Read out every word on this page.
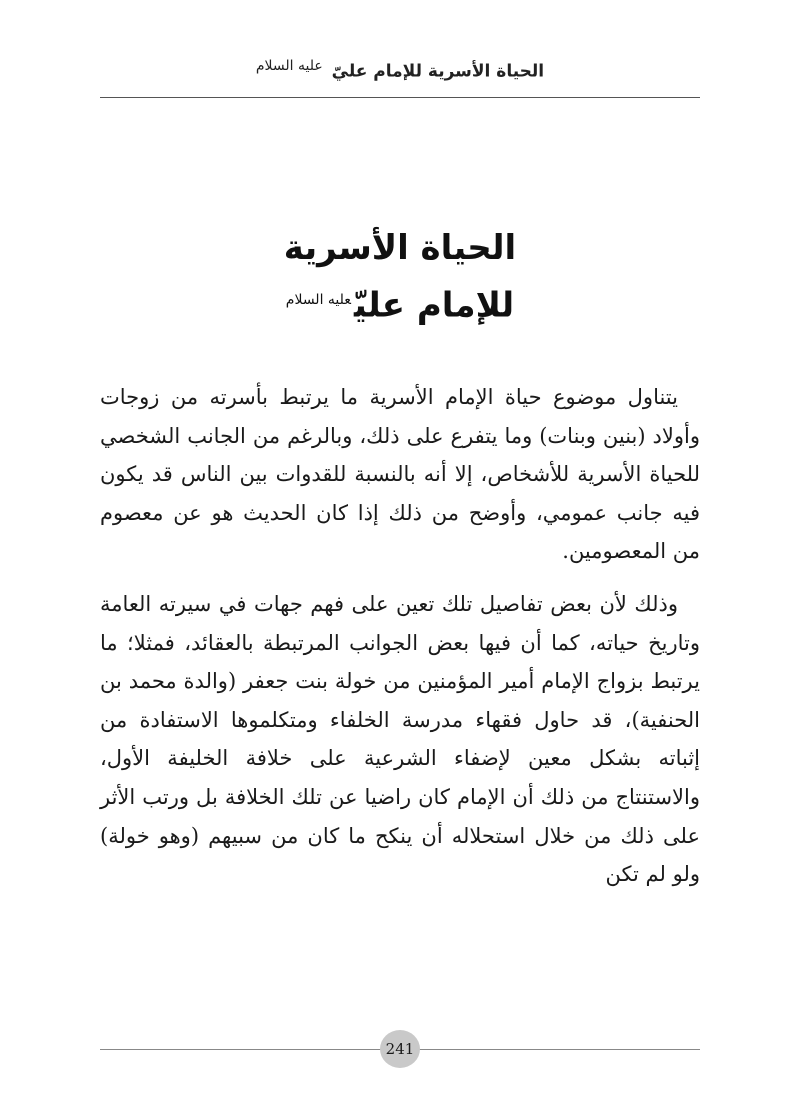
الحياة الأسرية للإمام عليّ $^{عليه السلام}$
الحياة الأسرية
للإمام عليّ$^{عليه السلام}$

يتناول موضوع حياة الإمام الأسرية ما يرتبط بأسرته من زوجات وأولاد (بنين وبنات) وما يتفرع على ذلك، وبالرغم من الجانب الشخصي للحياة الأسرية للأشخاص، إلا أنه بالنسبة للقدوات بين الناس قد يكون فيه جانب عمومي، وأوضح من ذلك إذا كان الحديث هو عن معصوم من المعصومين.

وذلك لأن بعض تفاصيل تلك تعين على فهم جهات في سيرته العامة وتاريخ حياته، كما أن فيها بعض الجوانب المرتبطة بالعقائد، فمثلا؛ ما يرتبط بزواج الإمام أمير المؤمنين من خولة بنت جعفر (والدة محمد بن الحنفية)، قد حاول فقهاء مدرسة الخلفاء ومتكلموها الاستفادة من إثباته بشكل معين لإضفاء الشرعية على خلافة الخليفة الأول، والاستنتاج من ذلك أن الإمام كان راضيا عن تلك الخلافة بل ورتب الأثر على ذلك من خلال استحلاله أن ينكح ما كان من سبيهم (وهو خولة) ولو لم تكن

241
